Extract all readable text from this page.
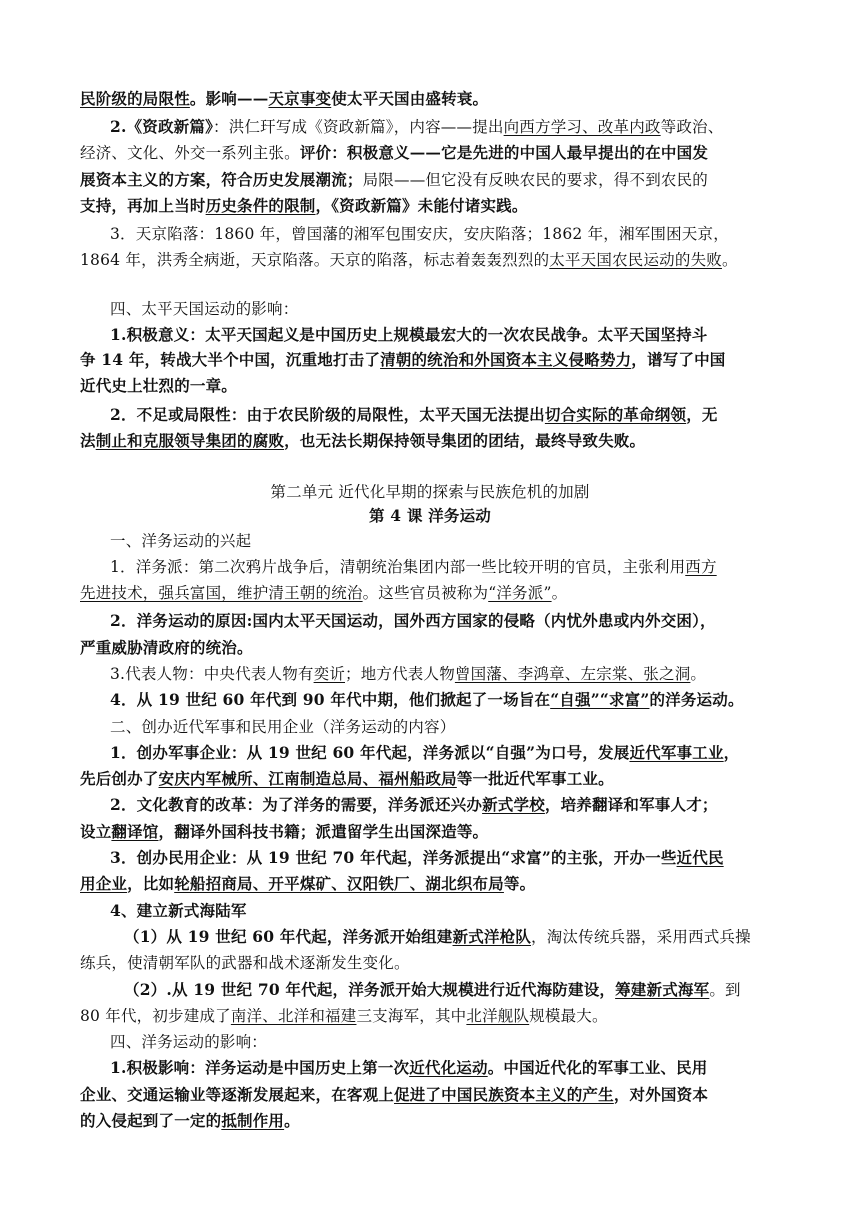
民阶级的局限性。影响——天京事变使太平天国由盛转衰。
2.《资政新篇》：洪仁玕写成《资政新篇》，内容——提出向西方学习、改革内政等政治、
经济、文化、外交一系列主张。评价：积极意义——它是先进的中国人最早提出的在中国发
展资本主义的方案，符合历史发展潮流；局限——但它没有反映农民的要求，得不到农民的
支持，再加上当时历史条件的限制，《资政新篇》未能付诸实践。
3．天京陷落：1860 年，曾国藩的湘军包围安庆，安庆陷落；1862 年，湘军围困天京，
1864 年，洪秀全病逝，天京陷落。天京的陷落，标志着轰轰烈烈的太平天国农民运动的失败。
四、太平天国运动的影响：
1.积极意义：太平天国起义是中国历史上规模最宏大的一次农民战争。太平天国坚持斗
争 14 年，转战大半个中国，沉重地打击了清朝的统治和外国资本主义侵略势力，谱写了中国
近代史上壮烈的一章。
2．不足或局限性：由于农民阶级的局限性，太平天国无法提出切合实际的革命纲领，无
法制止和克服领导集团的腐败，也无法长期保持领导集团的团结，最终导致失败。
第二单元 近代化早期的探索与民族危机的加剧
第 4 课 洋务运动
一、洋务运动的兴起
1．洋务派：第二次鸦片战争后，清朝统治集团内部一些比较开明的官员，主张利用西方
先进技术，强兵富国，维护清王朝的统治。这些官员被称为“洋务派”。
2．洋务运动的原因:国内太平天国运动，国外西方国家的侵略（内忧外患或内外交困），
严重威胁清政府的统治。
3.代表人物：中央代表人物有奕䜣；地方代表人物曾国藩、李鸿章、左宗棠、张之洞。
4．从 19 世纪 60 年代到 90 年代中期，他们掀起了一场旨在“自强”“求富”的洋务运动。
二、创办近代军事和民用企业（洋务运动的内容）
1．创办军事企业：从 19 世纪 60 年代起，洋务派以“自强”为口号，发展近代军事工业，
先后创办了安庆内军械所、江南制造总局、福州船政局等一批近代军事工业。
2．文化教育的改革：为了洋务的需要，洋务派还兴办新式学校，培养翻译和军事人才；
设立翻译馆，翻译外国科技书籍；派遣留学生出国深造等。
3．创办民用企业：从 19 世纪 70 年代起，洋务派提出“求富”的主张，开办一些近代民
用企业，比如轮船招商局、开平煤矿、汉阳铁厂、湖北织布局等。
4、建立新式海陆军
（1）从 19 世纪 60 年代起，洋务派开始组建新式洋枪队，淘汰传统兵器，采用西式兵操
练兵，使清朝军队的武器和战术逐渐发生变化。
（2）.从 19 世纪 70 年代起，洋务派开始大规模进行近代海防建设，筹建新式海军。到
80 年代，初步建成了南洋、北洋和福建三支海军，其中北洋舰队规模最大。
四、洋务运动的影响：
1.积极影响：洋务运动是中国历史上第一次近代化运动。中国近代化的军事工业、民用
企业、交通运输业等逐渐发展起来，在客观上促进了中国民族资本主义的产生，对外国资本
的入侵起到了一定的抵制作用。
